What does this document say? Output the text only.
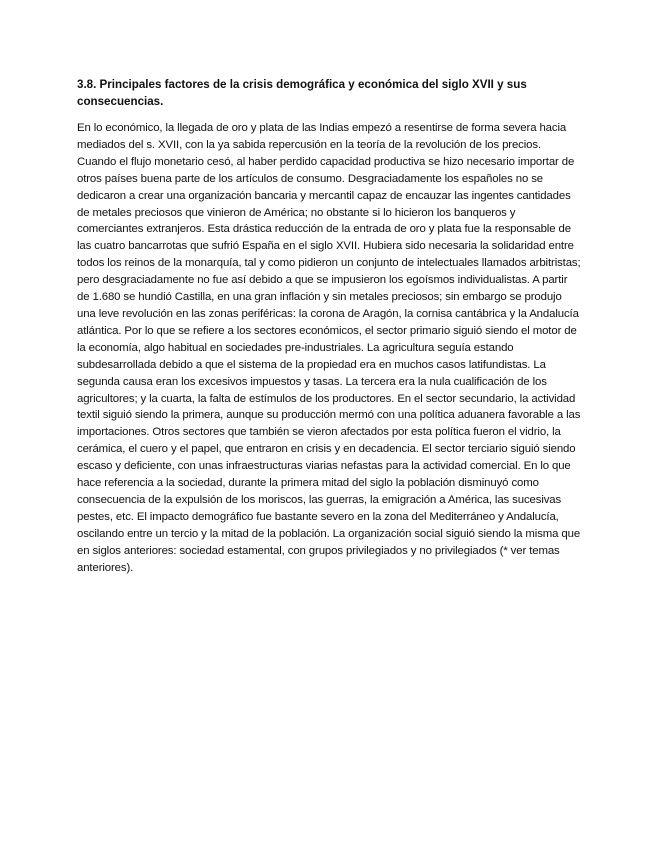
3.8. Principales factores de la crisis demográfica y económica del siglo XVII y sus consecuencias.

En lo económico, la llegada de oro y plata de las Indias empezó a resentirse de forma severa hacia mediados del s. XVII, con la ya sabida repercusión en la teoría de la revolución de los precios. Cuando el flujo monetario cesó, al haber perdido capacidad productiva se hizo necesario importar de otros países buena parte de los artículos de consumo. Desgraciadamente los españoles no se dedicaron a crear una organización bancaria y mercantil capaz de encauzar las ingentes cantidades de metales preciosos que vinieron de América; no obstante si lo hicieron los banqueros y comerciantes extranjeros. Esta drástica reducción de la entrada de oro y plata fue la responsable de las cuatro bancarrotas que sufrió España en el siglo XVII. Hubiera sido necesaria la solidaridad entre todos los reinos de la monarquía, tal y como pidieron un conjunto de intelectuales llamados arbitristas; pero desgraciadamente no fue así debido a que se impusieron los egoísmos individualistas. A partir de 1.680 se hundió Castilla, en una gran inflación y sin metales preciosos; sin embargo se produjo una leve revolución en las zonas periféricas: la corona de Aragón, la cornisa cantábrica y la Andalucía atlántica. Por lo que se refiere a los sectores económicos, el sector primario siguió siendo el motor de la economía, algo habitual en sociedades pre-industriales. La agricultura seguía estando subdesarrollada debido a que el sistema de la propiedad era en muchos casos latifundistas. La segunda causa eran los excesivos impuestos y tasas. La tercera era la nula cualificación de los agricultores; y la cuarta, la falta de estímulos de los productores. En el sector secundario, la actividad textil siguió siendo la primera, aunque su producción mermó con una política aduanera favorable a las importaciones. Otros sectores que también se vieron afectados por esta política fueron el vidrio, la cerámica, el cuero y el papel, que entraron en crisis y en decadencia. El sector terciario siguió siendo escaso y deficiente, con unas infraestructuras viarias nefastas para la actividad comercial. En lo que hace referencia a la sociedad, durante la primera mitad del siglo la población disminuyó como consecuencia de la expulsión de los moriscos, las guerras, la emigración a América, las sucesivas pestes, etc. El impacto demográfico fue bastante severo en la zona del Mediterráneo y Andalucía, oscilando entre un tercio y la mitad de la población. La organización social siguió siendo la misma que en siglos anteriores: sociedad estamental, con grupos privilegiados y no privilegiados (* ver temas anteriores).
